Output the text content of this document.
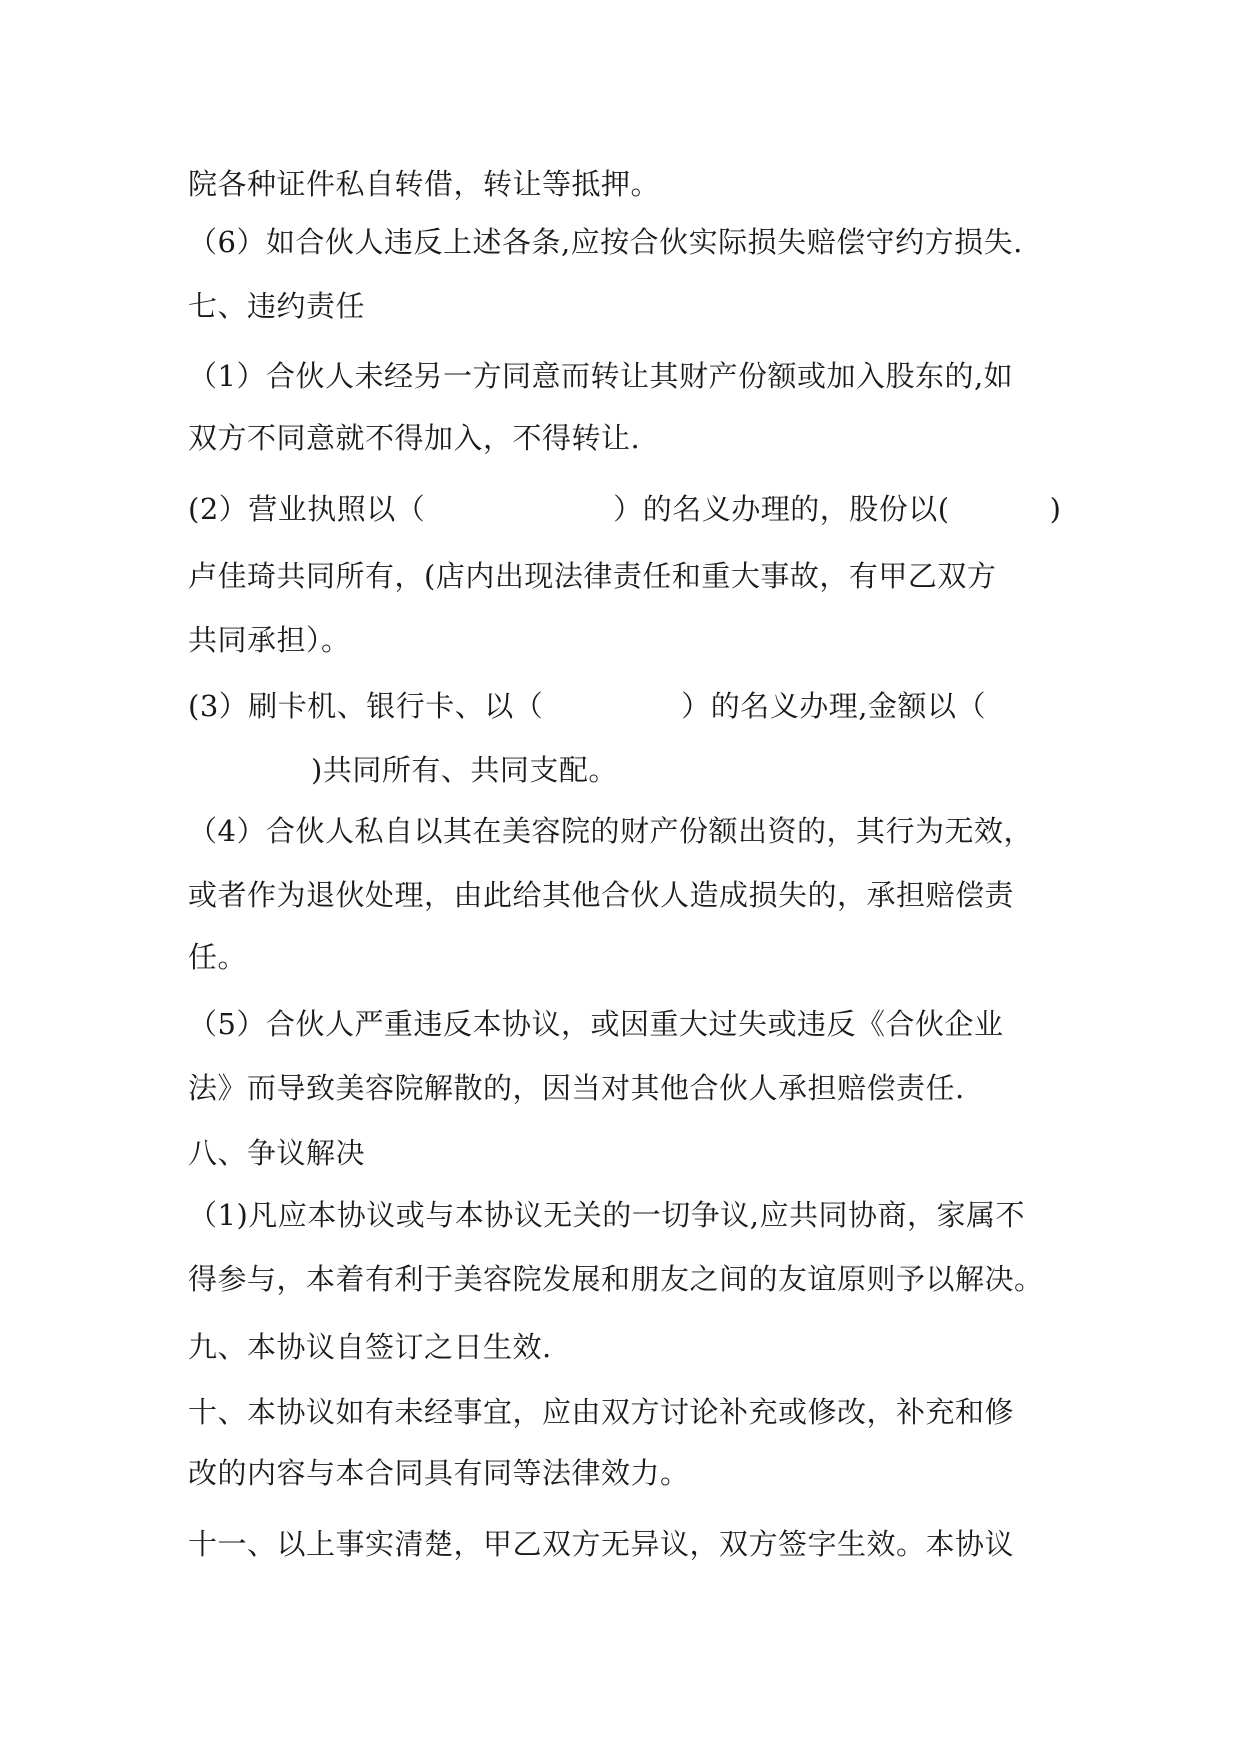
院各种证件私自转借，转让等抵押。
（6）如合伙人违反上述各条,应按合伙实际损失赔偿守约方损失.
七、违约责任
（1）合伙人未经另一方同意而转让其财产份额或加入股东的,如
双方不同意就不得加入，不得转让.
(2）营业执照以（	）的名义办理的，股份以(	)
卢佳琦共同所有，(店内出现法律责任和重大事故，有甲乙双方
共同承担）。
(3）刷卡机、银行卡、以（	）的名义办理,金额以（
)共同所有、共同支配。
（4）合伙人私自以其在美容院的财产份额出资的，其行为无效，
或者作为退伙处理，由此给其他合伙人造成损失的，承担赔偿责
任。
（5）合伙人严重违反本协议，或因重大过失或违反《合伙企业
法》而导致美容院解散的，因当对其他合伙人承担赔偿责任.
八、争议解决
（1)凡应本协议或与本协议无关的一切争议,应共同协商，家属不
得参与，本着有利于美容院发展和朋友之间的友谊原则予以解决。
九、本协议自签订之日生效.
十、本协议如有未经事宜，应由双方讨论补充或修改，补充和修
改的内容与本合同具有同等法律效力。
十一、以上事实清楚，甲乙双方无异议，双方签字生效。本协议
